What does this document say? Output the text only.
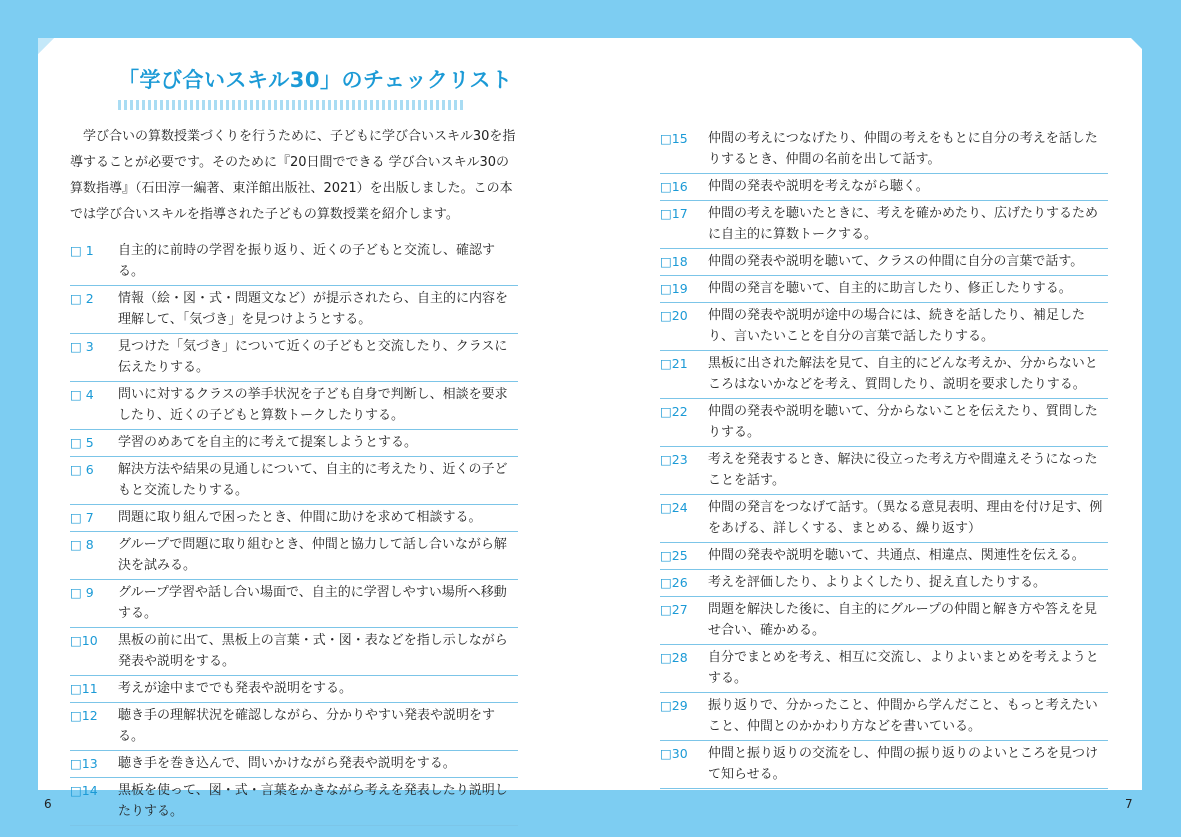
「学び合いスキル30」のチェックリスト

学び合いの算数授業づくりを行うために、子どもに学び合いスキル30を指導することが必要です。そのために『20日間でできる 学び合いスキル30の算数指導』（石田淳一編著、東洋館出版社、2021）を出版しました。この本では学び合いスキルを指導された子どもの算数授業を紹介します。

□ 1	自主的に前時の学習を振り返り、近くの子どもと交流し、確認する。
□ 2	情報（絵・図・式・問題文など）が提示されたら、自主的に内容を理解して、「気づき」を見つけようとする。
□ 3	見つけた「気づき」について近くの子どもと交流したり、クラスに伝えたりする。
□ 4	問いに対するクラスの挙手状況を子ども自身で判断し、相談を要求したり、近くの子どもと算数トークしたりする。
□ 5	学習のめあてを自主的に考えて提案しようとする。
□ 6	解決方法や結果の見通しについて、自主的に考えたり、近くの子どもと交流したりする。
□ 7	問題に取り組んで困ったとき、仲間に助けを求めて相談する。
□ 8	グループで問題に取り組むとき、仲間と協力して話し合いながら解決を試みる。
□ 9	グループ学習や話し合い場面で、自主的に学習しやすい場所へ移動する。
□10	黒板の前に出て、黒板上の言葉・式・図・表などを指し示しながら発表や説明をする。
□11	考えが途中まででも発表や説明をする。
□12	聴き手の理解状況を確認しながら、分かりやすい発表や説明をする。
□13	聴き手を巻き込んで、問いかけながら発表や説明をする。
□14	黒板を使って、図・式・言葉をかきながら考えを発表したり説明したりする。
□15	仲間の考えにつなげたり、仲間の考えをもとに自分の考えを話したりするとき、仲間の名前を出して話す。
□16	仲間の発表や説明を考えながら聴く。
□17	仲間の考えを聴いたときに、考えを確かめたり、広げたりするために自主的に算数トークする。
□18	仲間の発表や説明を聴いて、クラスの仲間に自分の言葉で話す。
□19	仲間の発言を聴いて、自主的に助言したり、修正したりする。
□20	仲間の発表や説明が途中の場合には、続きを話したり、補足したり、言いたいことを自分の言葉で話したりする。
□21	黒板に出された解法を見て、自主的にどんな考えか、分からないところはないかなどを考え、質問したり、説明を要求したりする。
□22	仲間の発表や説明を聴いて、分からないことを伝えたり、質問したりする。
□23	考えを発表するとき、解決に役立った考え方や間違えそうになったことを話す。
□24	仲間の発言をつなげて話す。（異なる意見表明、理由を付け足す、例をあげる、詳しくする、まとめる、繰り返す）
□25	仲間の発表や説明を聴いて、共通点、相違点、関連性を伝える。
□26	考えを評価したり、よりよくしたり、捉え直したりする。
□27	問題を解決した後に、自主的にグループの仲間と解き方や答えを見せ合い、確かめる。
□28	自分でまとめを考え、相互に交流し、よりよいまとめを考えようとする。
□29	振り返りで、分かったこと、仲間から学んだこと、もっと考えたいこと、仲間とのかかわり方などを書いている。
□30	仲間と振り返りの交流をし、仲間の振り返りのよいところを見つけて知らせる。
6	7
